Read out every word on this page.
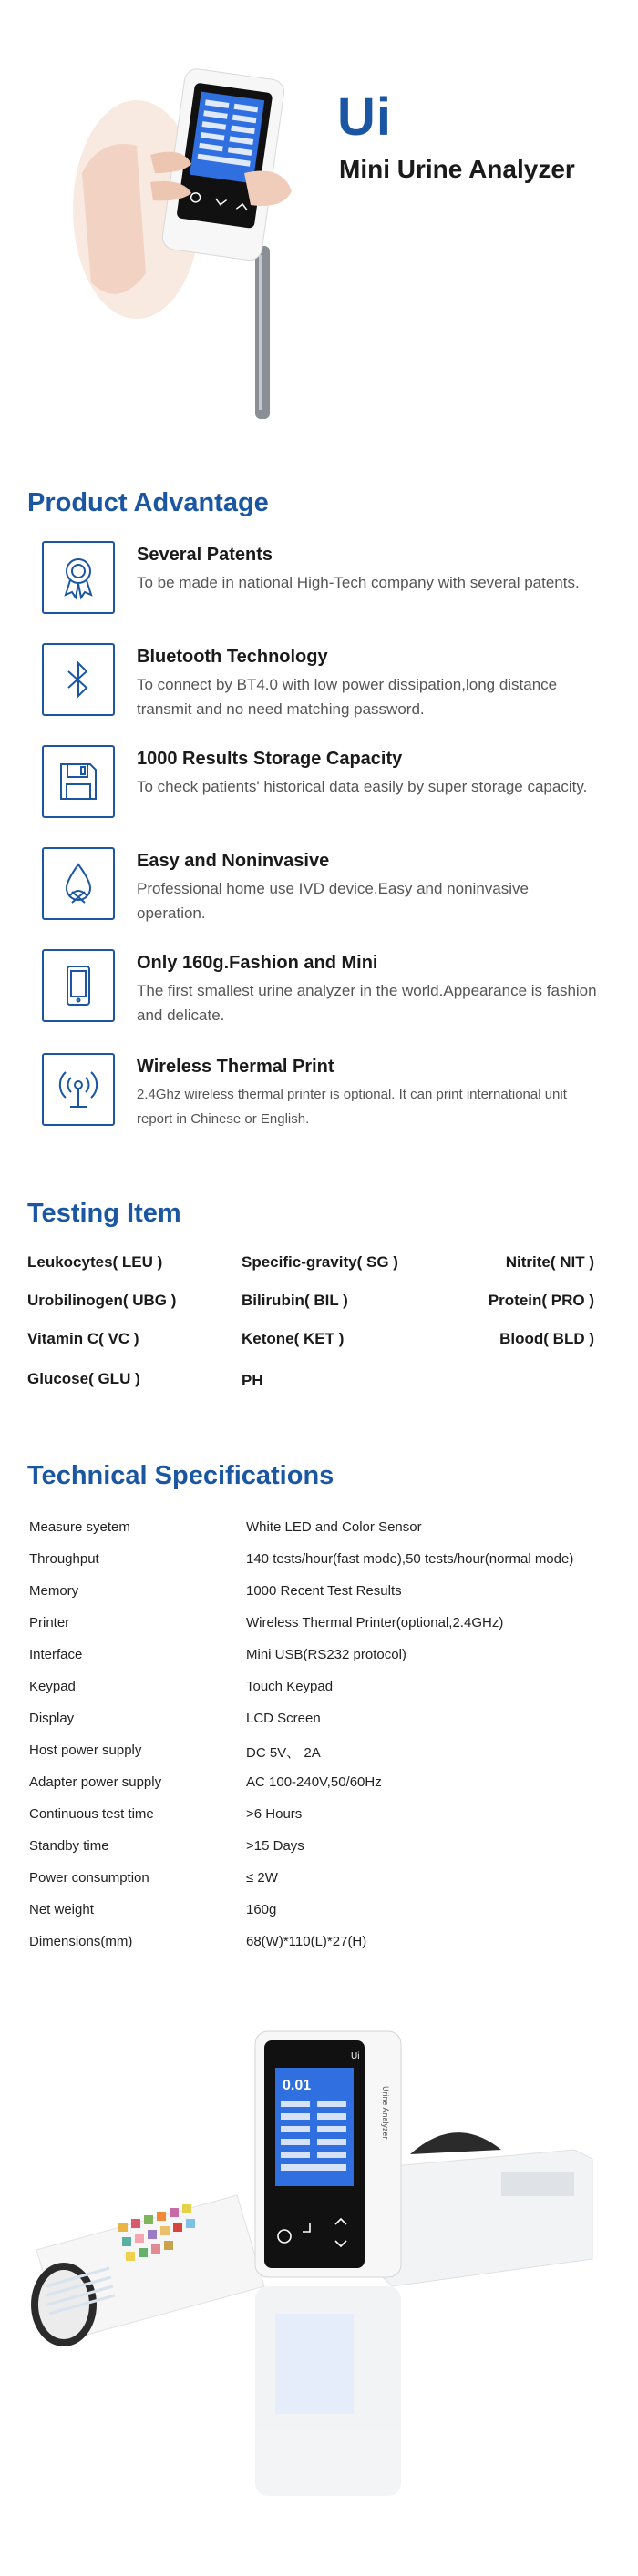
Ui
Mini Urine Analyzer
Product Advantage
Several Patents
To be made in national High-Tech company with several patents.
Bluetooth Technology
To connect by BT4.0 with low power dissipation,long distance transmit and no need matching password.
1000 Results Storage Capacity
To check patients' historical data easily by super storage capacity.
Easy and Noninvasive
Professional home use IVD device.Easy and noninvasive operation.
Only 160g.Fashion and Mini
The first smallest urine analyzer in the world.Appearance is fashion and delicate.
Wireless Thermal Print
2.4Ghz wireless thermal printer is optional. It can print international unit report in Chinese or English.
Testing Item
Leukocytes( LEU )	Specific-gravity( SG )	Nitrite( NIT )
Urobilinogen( UBG )	Bilirubin( BIL )	Protein( PRO )
Vitamin C( VC )	Ketone( KET )	Blood( BLD )
Glucose( GLU )	PH
Technical Specifications
Measure syetem	White LED and Color Sensor
Throughput	140 tests/hour(fast mode),50 tests/hour(normal mode)
Memory	1000 Recent Test Results
Printer	Wireless Thermal Printer(optional,2.4GHz)
Interface	Mini USB(RS232 protocol)
Keypad	Touch Keypad
Display	LCD Screen
Host power supply	DC 5V、 2A
Adapter power supply	AC 100-240V,50/60Hz
Continuous test time	>6 Hours
Standby time	>15 Days
Power consumption	≤ 2W
Net weight	160g
Dimensions(mm)	68(W)*110(L)*27(H)
0.01
Ui
Urine Analyzer
